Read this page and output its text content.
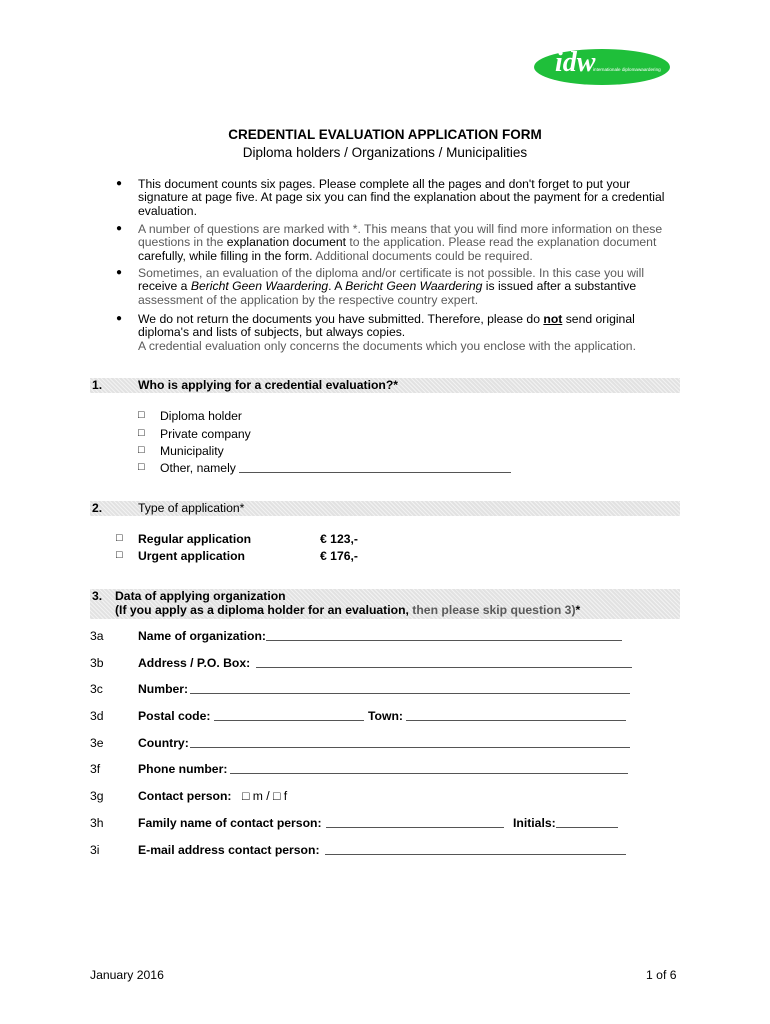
idw
internationale diplomawaardering
CREDENTIAL EVALUATION APPLICATION FORM
Diploma holders / Organizations / Municipalities
● This document counts six pages. Please complete all the pages and don't forget to put your
signature at page five. At page six you can find the explanation about the payment for a credential
evaluation.
● A number of questions are marked with *. This means that you will find more information on these
questions in the explanation document to the application. Please read the explanation document
carefully, while filling in the form. Additional documents could be required.
● Sometimes, an evaluation of the diploma and/or certificate is not possible. In this case you will
receive a Bericht Geen Waardering. A Bericht Geen Waardering is issued after a substantive
assessment of the application by the respective country expert.
● We do not return the documents you have submitted. Therefore, please do not send original
diploma's and lists of subjects, but always copies.
A credential evaluation only concerns the documents which you enclose with the application.
1.	Who is applying for a credential evaluation?*
□ Diploma holder
□ Private company
□ Municipality
□ Other, namely
2.	Type of application*
□ Regular application	€ 123,-
□ Urgent application	€ 176,-
3. Data of applying organization
(If you apply as a diploma holder for an evaluation, then please skip question 3)*
3a	Name of organization:
3b	Address / P.O. Box:
3c	Number:
3d	Postal code:	Town:
3e	Country:
3f	Phone number:
3g	Contact person: □ m / □ f
3h	Family name of contact person:	Initials:
3i	E-mail address contact person:
January 2016	1 of 6
